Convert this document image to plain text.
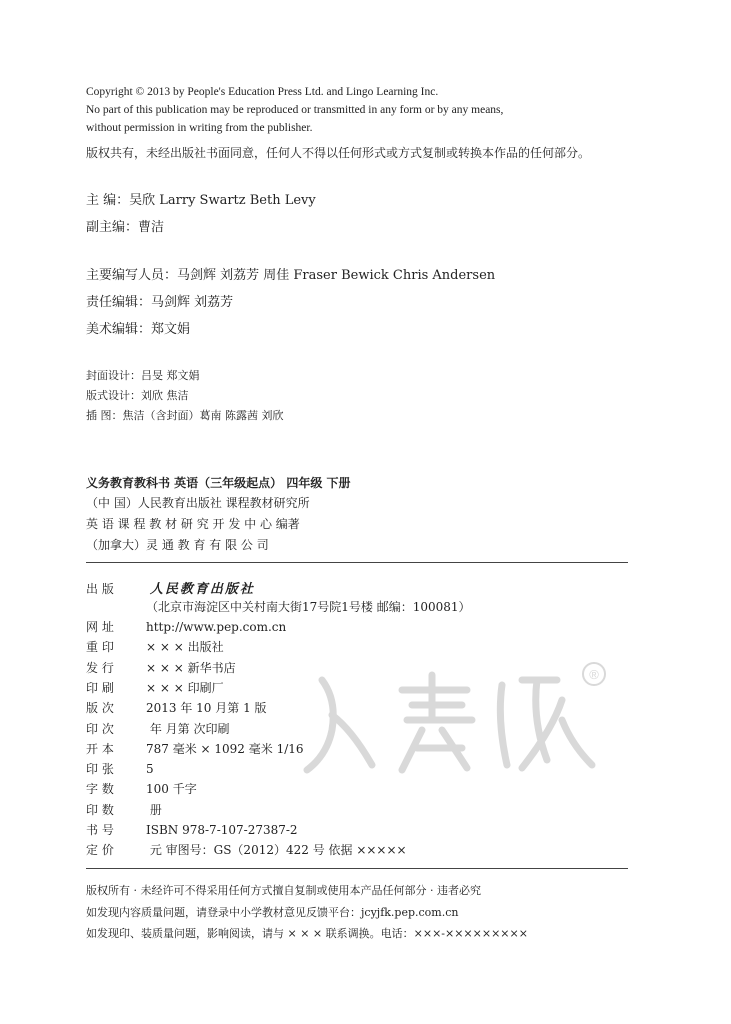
Copyright © 2013 by People's Education Press Ltd. and Lingo Learning Inc.
No part of this publication may be reproduced or transmitted in any form or by any means,
without permission in writing from the publisher.
版权共有，未经出版社书面同意，任何人不得以任何形式或方式复制或转换本作品的任何部分。
主 编：吴欣 Larry Swartz Beth Levy
副主编：曹洁
主要编写人员：马剑辉 刘荔芳 周佳 Fraser Bewick Chris Andersen
责任编辑：马剑辉 刘荔芳
美术编辑：郑文娟
封面设计：吕旻 郑文娟
版式设计：刘欣 焦洁
插 图：焦洁（含封面）葛南 陈露茜 刘欣
义务教育教科书 英语（三年级起点） 四年级 下册
（中 国）人民教育出版社 课程教材研究所
英 语 课 程 教 材 研 究 开 发 中 心 编著
（加拿大）灵 通 教 育 有 限 公 司
®
出 版	人民教育出版社
（北京市海淀区中关村南大街17号院1号楼 邮编：100081）
网 址	http://www.pep.com.cn
重 印	× × × 出版社
发 行	× × × 新华书店
印 刷	× × × 印刷厂
版 次	2013 年 10 月第 1 版
印 次	年 月第 次印刷
开 本	787 毫米 × 1092 毫米 1/16
印 张	5
字 数	100 千字
印 数	册
书 号	ISBN 978-7-107-27387-2
定 价	元 审图号：GS（2012）422 号 依据 ×××××
版权所有 · 未经许可不得采用任何方式擅自复制或使用本产品任何部分 · 违者必究
如发现内容质量问题，请登录中小学教材意见反馈平台：jcyjfk.pep.com.cn
如发现印、装质量问题，影响阅读，请与 × × × 联系调换。电话：×××-×××××××××
